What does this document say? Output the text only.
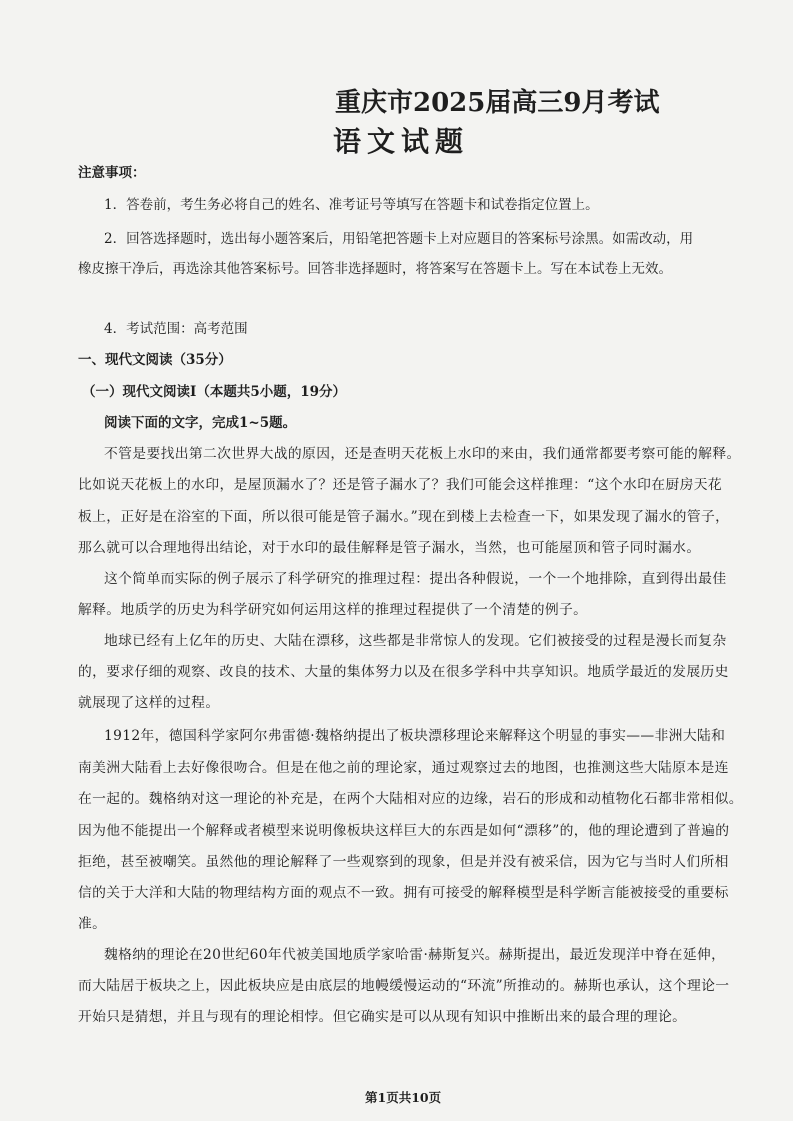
重庆市2025届高三9月考试
语文试题
注意事项：
1．答卷前，考生务必将自己的姓名、准考证号等填写在答题卡和试卷指定位置上。
2．回答选择题时，选出每小题答案后，用铅笔把答题卡上对应题目的答案标号涂黑。如需改动，用
橡皮擦干净后，再选涂其他答案标号。回答非选择题时，将答案写在答题卡上。写在本试卷上无效。
4．考试范围：高考范围
一、现代文阅读（35分）
（一）现代文阅读Ⅰ（本题共5小题，19分）
阅读下面的文字，完成1~5题。
不管是要找出第二次世界大战的原因，还是查明天花板上水印的来由，我们通常都要考察可能的解释。
比如说天花板上的水印，是屋顶漏水了？还是管子漏水了？我们可能会这样推理：“这个水印在厨房天花
板上，正好是在浴室的下面，所以很可能是管子漏水。”现在到楼上去检查一下，如果发现了漏水的管子，
那么就可以合理地得出结论，对于水印的最佳解释是管子漏水，当然，也可能屋顶和管子同时漏水。
这个简单而实际的例子展示了科学研究的推理过程：提出各种假说，一个一个地排除，直到得出最佳
解释。地质学的历史为科学研究如何运用这样的推理过程提供了一个清楚的例子。
地球已经有上亿年的历史、大陆在漂移，这些都是非常惊人的发现。它们被接受的过程是漫长而复杂
的，要求仔细的观察、改良的技术、大量的集体努力以及在很多学科中共享知识。地质学最近的发展历史
就展现了这样的过程。
1912年，德国科学家阿尔弗雷德·魏格纳提出了板块漂移理论来解释这个明显的事实——非洲大陆和
南美洲大陆看上去好像很吻合。但是在他之前的理论家，通过观察过去的地图，也推测这些大陆原本是连
在一起的。魏格纳对这一理论的补充是，在两个大陆相对应的边缘，岩石的形成和动植物化石都非常相似。
因为他不能提出一个解释或者模型来说明像板块这样巨大的东西是如何“漂移”的，他的理论遭到了普遍的
拒绝，甚至被嘲笑。虽然他的理论解释了一些观察到的现象，但是并没有被采信，因为它与当时人们所相
信的关于大洋和大陆的物理结构方面的观点不一致。拥有可接受的解释模型是科学断言能被接受的重要标
准。
魏格纳的理论在20世纪60年代被美国地质学家哈雷·赫斯复兴。赫斯提出，最近发现洋中脊在延伸，
而大陆居于板块之上，因此板块应是由底层的地幔缓慢运动的“环流”所推动的。赫斯也承认，这个理论一
开始只是猜想，并且与现有的理论相悖。但它确实是可以从现有知识中推断出来的最合理的理论。
第1页共10页
